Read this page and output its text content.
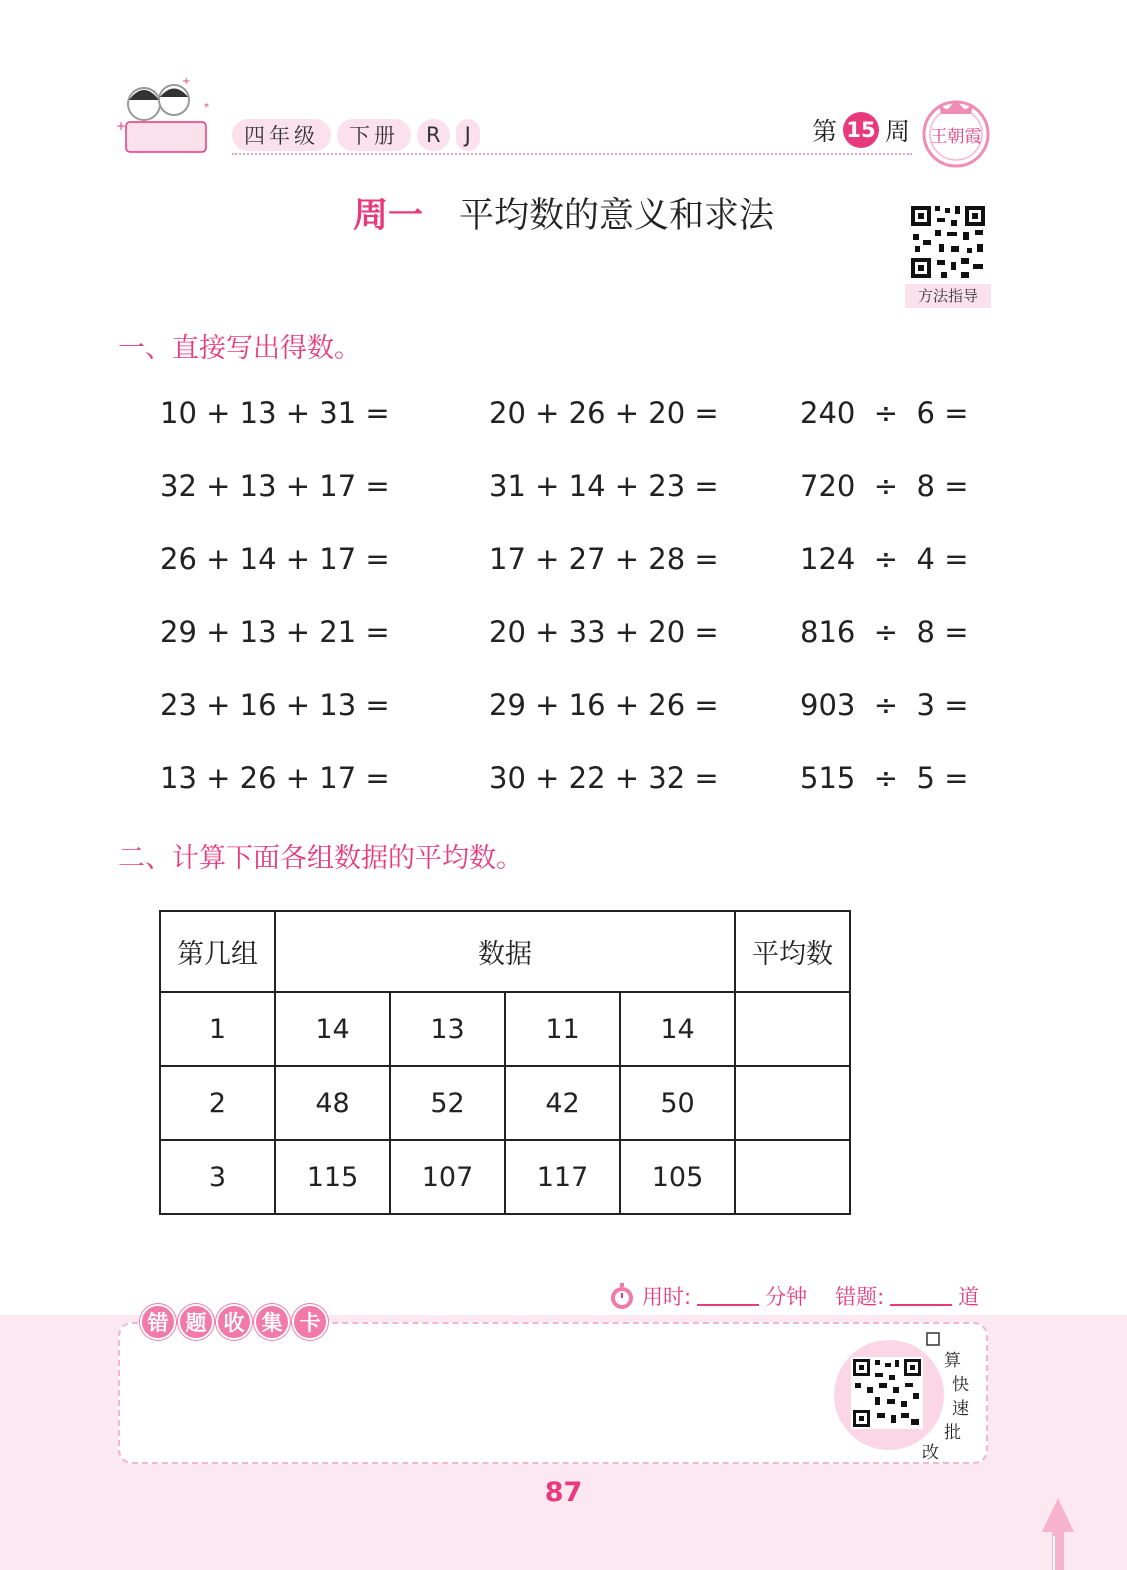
+
+
*
四年级	下册	R	J	第 15 周 王朝霞
周一 平均数的意义和求法
方法指导
一、直接写出得数。
10 + 13 + 31 =	20 + 26 + 20 =	240  ÷  6 =
32 + 13 + 17 =	31 + 14 + 23 =	720  ÷  8 =
26 + 14 + 17 =	17 + 27 + 28 =	124  ÷  4 =
29 + 13 + 21 =	20 + 33 + 20 =	816  ÷  8 =
23 + 16 + 13 =	29 + 16 + 26 =	903  ÷  3 =
13 + 26 + 17 =	30 + 22 + 32 =	515  ÷  5 =
二、计算下面各组数据的平均数。
第几组	数据				平均数
1	14	13	11	14	
2	48	52	42	50	
3	115	107	117	105	
用时:	分钟 错题:	道
错 题 收 集 卡
算
快
速
批
改
87
